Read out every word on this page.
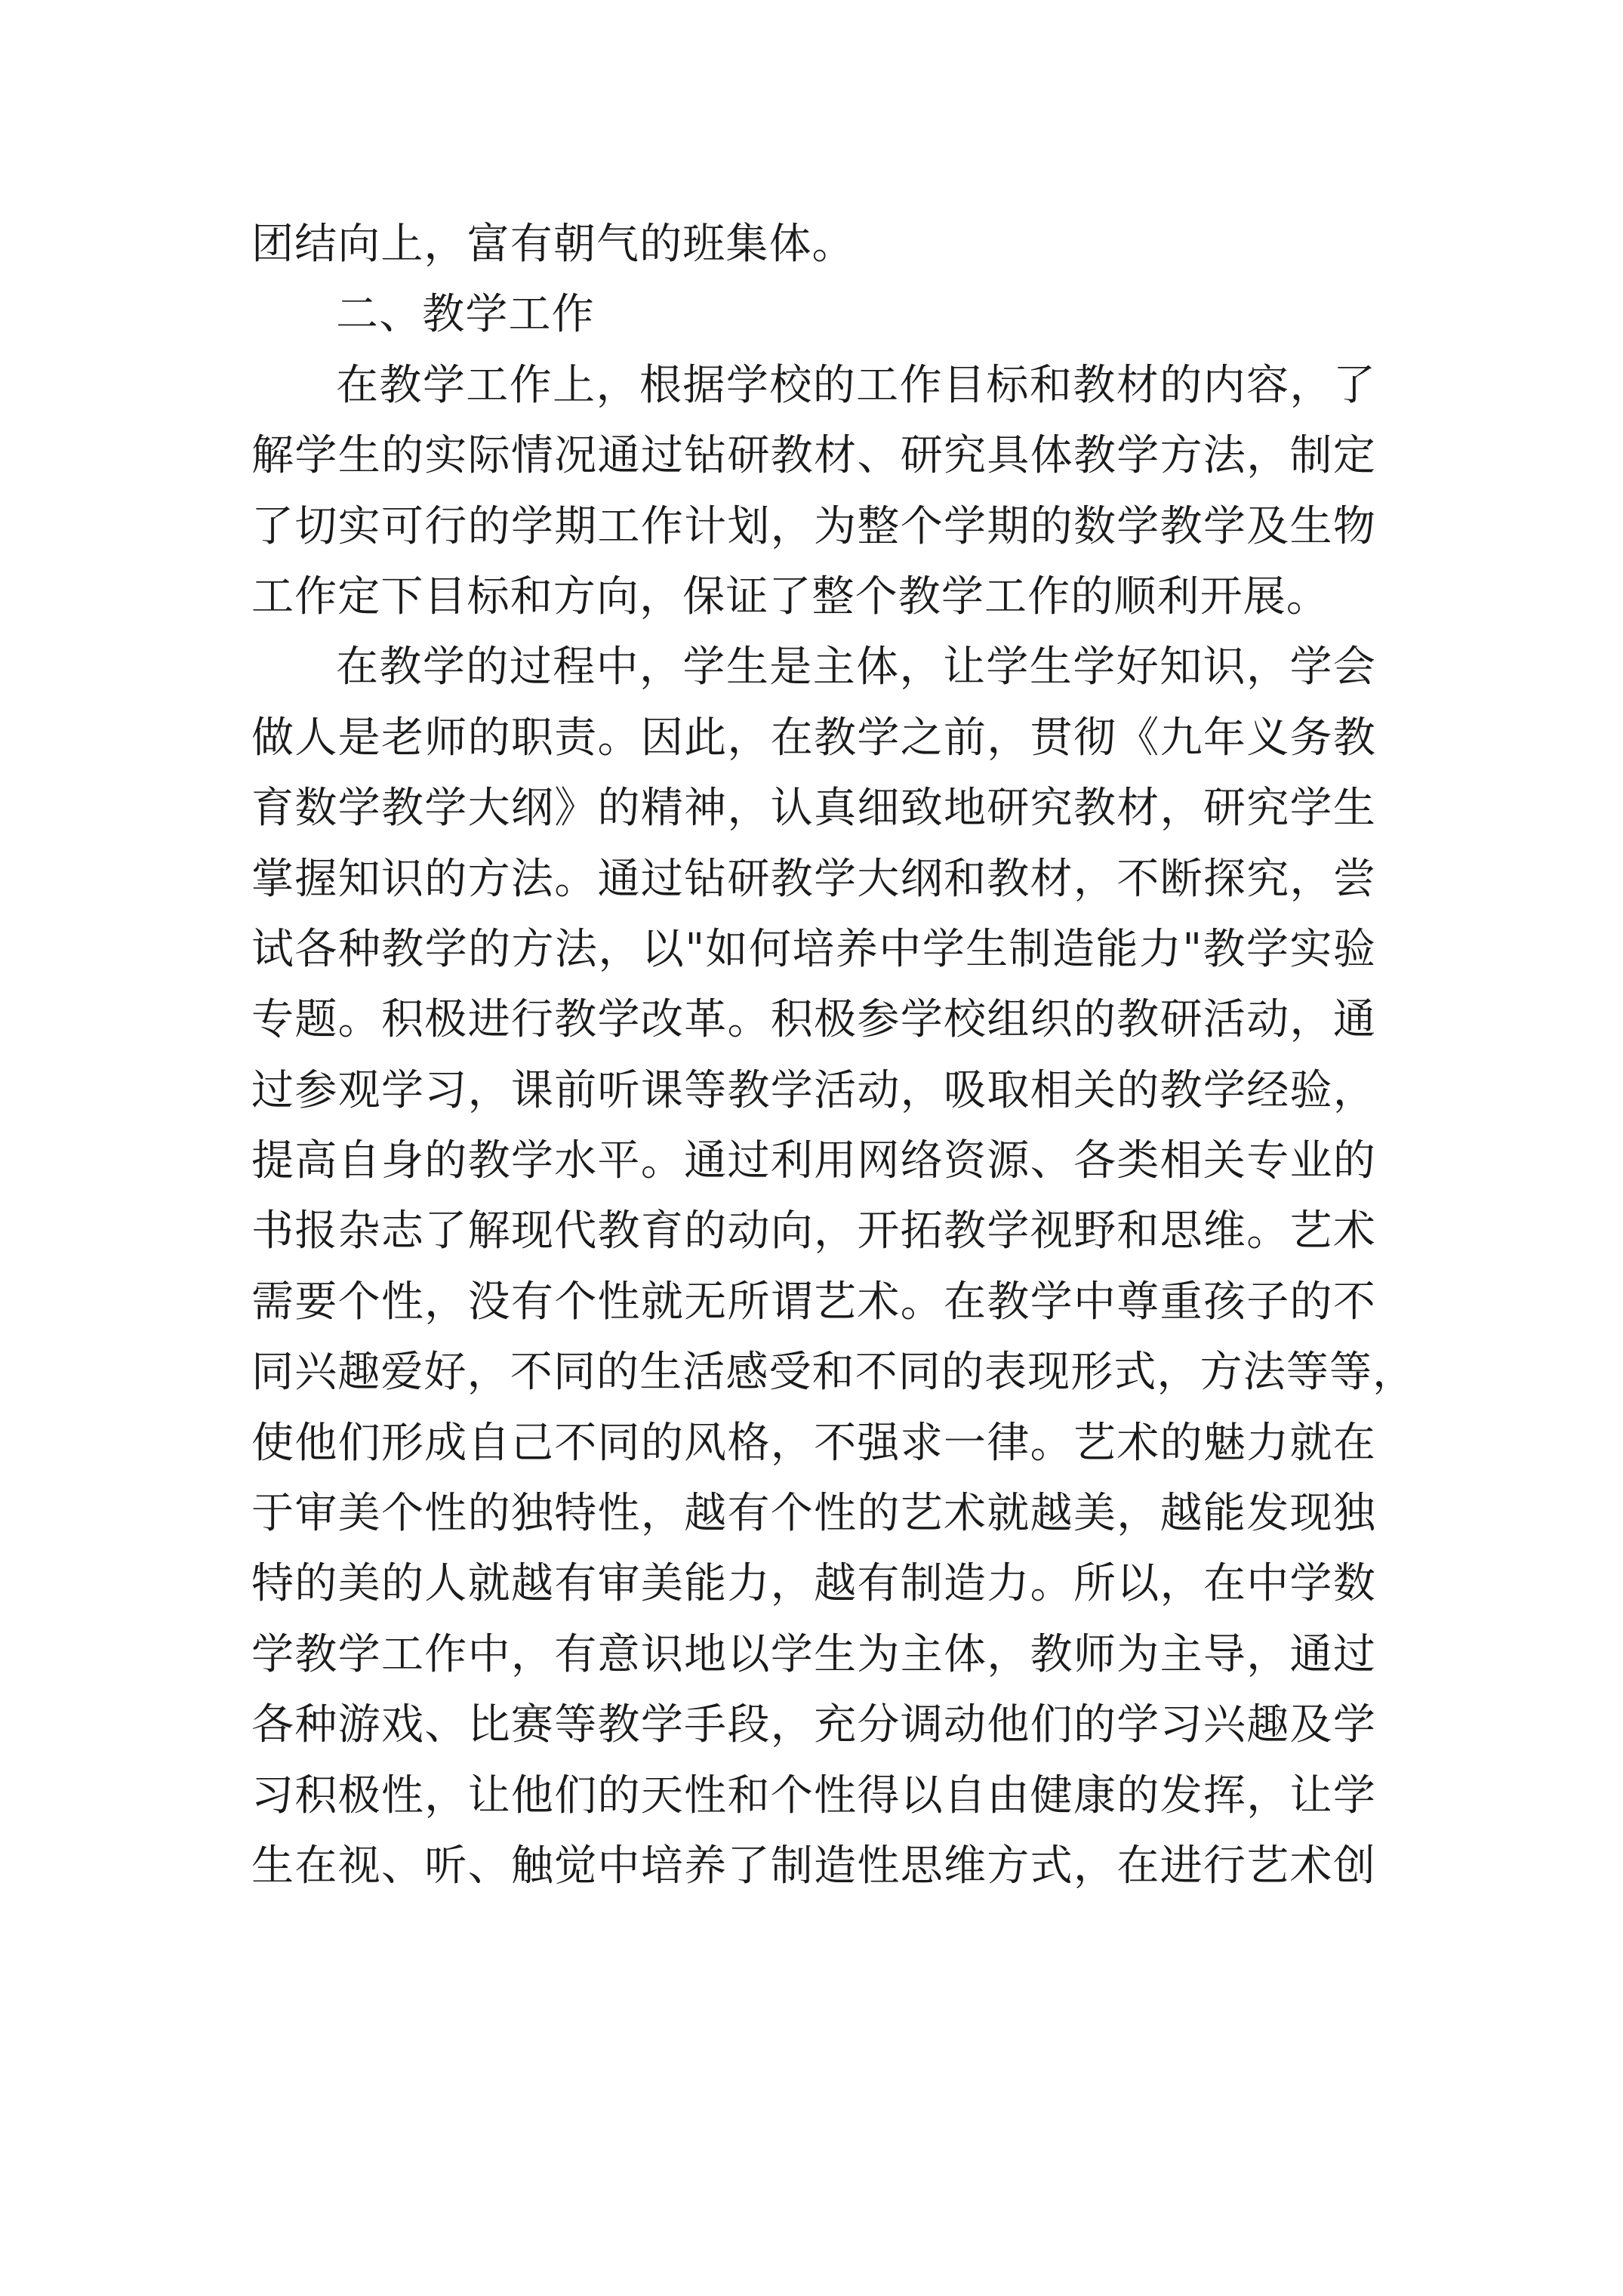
团结向上，富有朝气的班集体。
二、教学工作
在教学工作上，根据学校的工作目标和教材的内容，了
解学生的实际情况通过钻研教材、研究具体教学方法，制定
了切实可行的学期工作计划，为整个学期的数学教学及生物
工作定下目标和方向，保证了整个教学工作的顺利开展。
在教学的过程中，学生是主体，让学生学好知识，学会
做人是老师的职责。因此，在教学之前，贯彻《九年义务教
育数学教学大纲》的精神，认真细致地研究教材，研究学生
掌握知识的方法。通过钻研教学大纲和教材，不断探究，尝
试各种教学的方法，以"如何培养中学生制造能力"教学实验
专题。积极进行教学改革。积极参学校组织的教研活动，通
过参观学习，课前听课等教学活动，吸取相关的教学经验，
提高自身的教学水平。通过利用网络资源、各类相关专业的
书报杂志了解现代教育的动向，开拓教学视野和思维。艺术
需要个性，没有个性就无所谓艺术。在教学中尊重孩子的不
同兴趣爱好，不同的生活感受和不同的表现形式，方法等等，
使他们形成自己不同的风格，不强求一律。艺术的魅力就在
于审美个性的独特性，越有个性的艺术就越美，越能发现独
特的美的人就越有审美能力，越有制造力。所以，在中学数
学教学工作中，有意识地以学生为主体，教师为主导，通过
各种游戏、比赛等教学手段，充分调动他们的学习兴趣及学
习积极性，让他们的天性和个性得以自由健康的发挥，让学
生在视、听、触觉中培养了制造性思维方式，在进行艺术创
